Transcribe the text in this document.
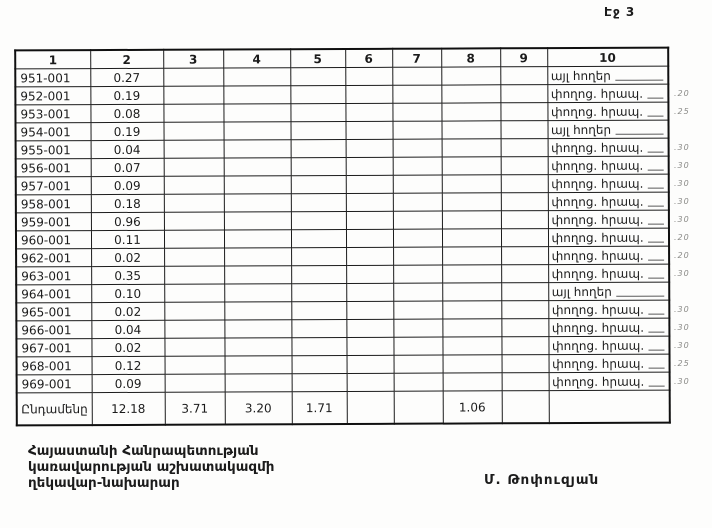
Էջ 3
1	2	3	4	5	6	7	8	9	10
951-001	0.27								այլ հողեր

952-001	0.19								փողոց. հրապ.

953-001	0.08								փողոց. հրապ.

954-001	0.19								այլ հողեր

955-001	0.04								փողոց. հրապ.

956-001	0.07								փողոց. հրապ.

957-001	0.09								փողոց. հրապ.

958-001	0.18								փողոց. հրապ.

959-001	0.96								փողոց. հրապ.

960-001	0.11								փողոց. հրապ.

962-001	0.02								փողոց. հրապ.

963-001	0.35								փողոց. հրապ.

964-001	0.10								այլ հողեր

965-001	0.02								փողոց. հրապ.

966-001	0.04								փողոց. հրապ.

967-001	0.02								փողոց. հրապ.

968-001	0.12								փողոց. հրապ.

969-001	0.09								փողոց. հրապ.

Ընդամենը	12.18	3.71	3.20	1.71			1.06		
.20
.25
.30
.30
.30
.30
.30
.20
.20
.30
.30
.30
.30
.25
.30
Հայաստանի Հանրապետության
կառավարության աշխատակազմի
ղեկավար-նախարար	Մ. Թոփուզյան
